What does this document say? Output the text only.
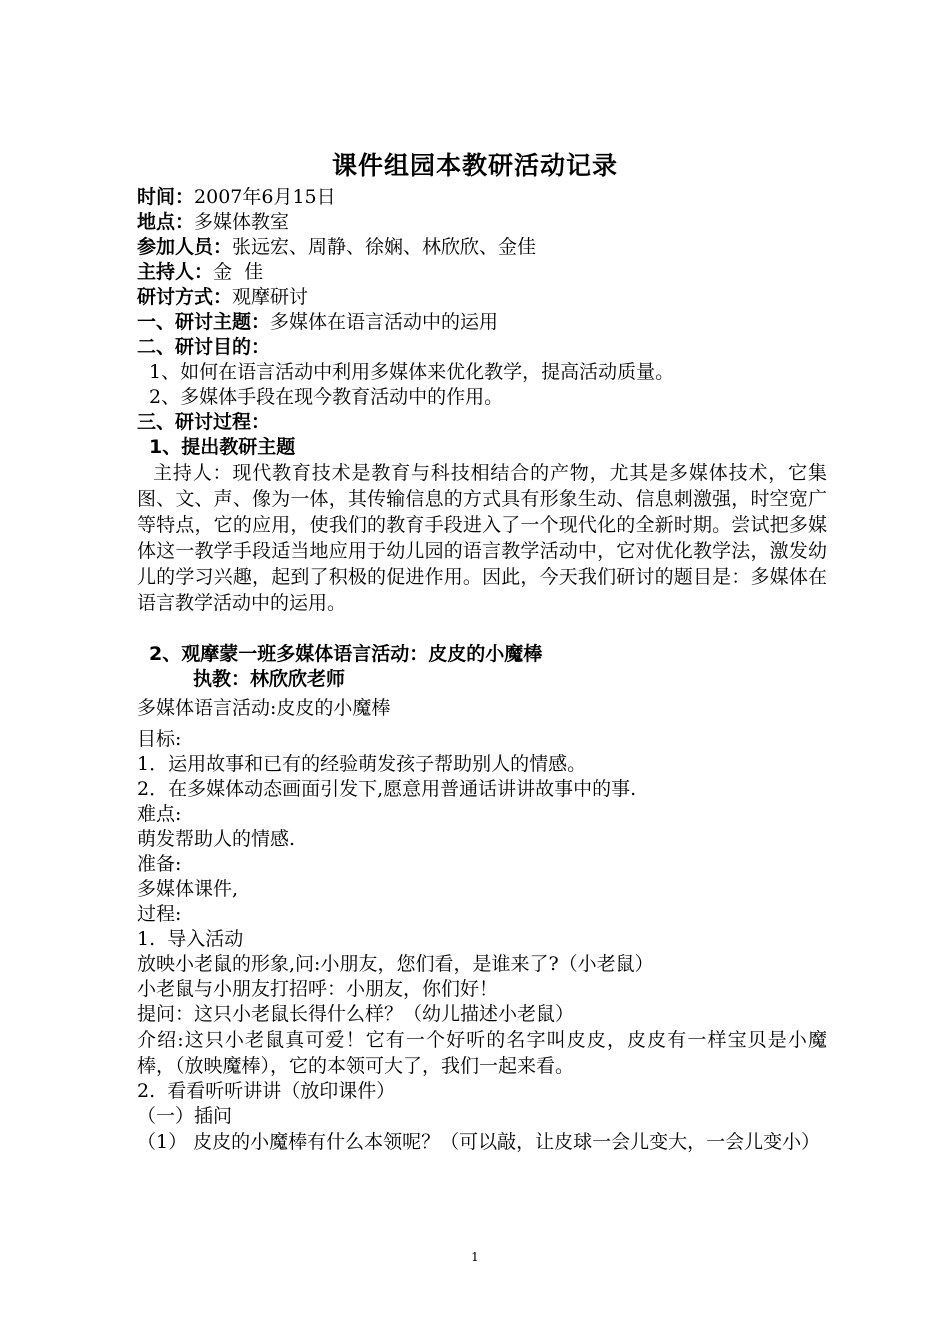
课件组园本教研活动记录
时间：2007年6月15日
地点：多媒体教室
参加人员：张远宏、周静、徐娴、林欣欣、金佳
主持人：金  佳
研讨方式：观摩研讨
一、研讨主题：多媒体在语言活动中的运用
二、研讨目的：
1、如何在语言活动中利用多媒体来优化教学，提高活动质量。
2、多媒体手段在现今教育活动中的作用。
三、研讨过程：
1、提出教研主题
主持人：现代教育技术是教育与科技相结合的产物，尤其是多媒体技术，它集图、文、声、像为一体，其传输信息的方式具有形象生动、信息刺激强，时空宽广等特点，它的应用，使我们的教育手段进入了一个现代化的全新时期。尝试把多媒体这一教学手段适当地应用于幼儿园的语言教学活动中，它对优化教学法，激发幼儿的学习兴趣，起到了积极的促进作用。因此，今天我们研讨的题目是：多媒体在语言教学活动中的运用。
2、观摩蒙一班多媒体语言活动：皮皮的小魔棒
执教：林欣欣老师
多媒体语言活动:皮皮的小魔棒
目标:
1．运用故事和已有的经验萌发孩子帮助别人的情感。
2．在多媒体动态画面引发下,愿意用普通话讲讲故事中的事.
难点:
萌发帮助人的情感.
准备:
多媒体课件,
过程:
1.  导入活动
放映小老鼠的形象,问:小朋友，您们看，是谁来了?（小老鼠）
小老鼠与小朋友打招呼：小朋友，你们好！
提问：这只小老鼠长得什么样？（幼儿描述小老鼠）
介绍:这只小老鼠真可爱！它有一个好听的名字叫皮皮，皮皮有一样宝贝是小魔棒，（放映魔棒），它的本领可大了，我们一起来看。
2.  看看听听讲讲（放印课件）
（一）插问
（1） 皮皮的小魔棒有什么本领呢？（可以敲，让皮球一会儿变大，一会儿变小）
1
